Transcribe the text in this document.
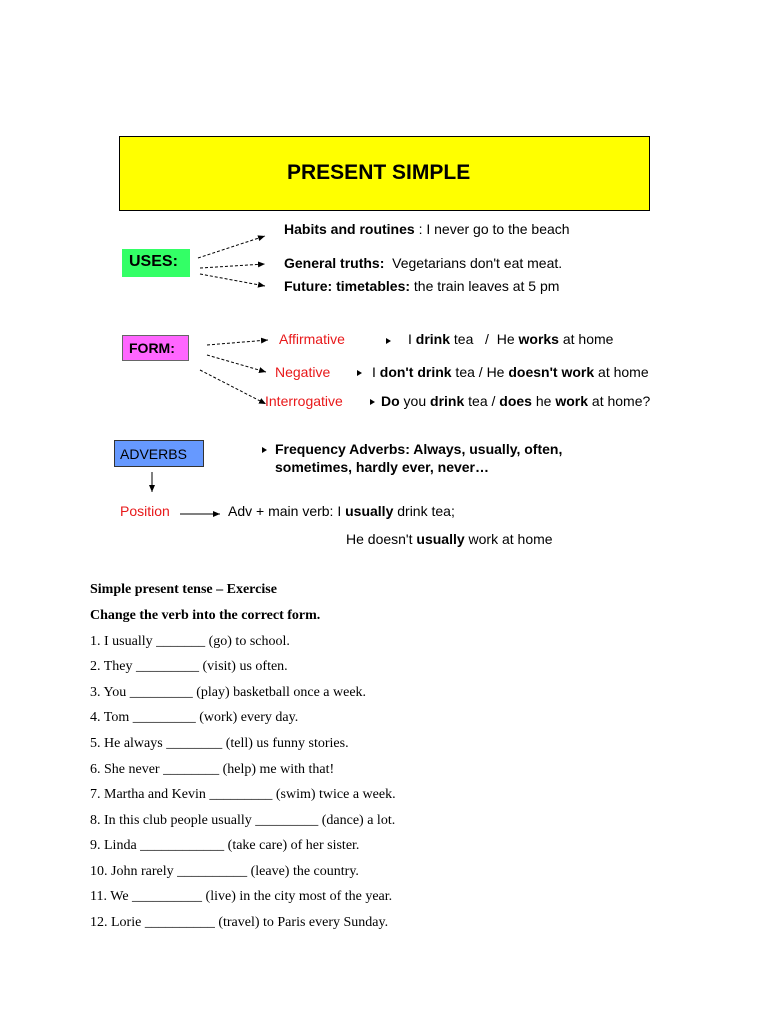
PRESENT SIMPLE
USES:
Habits and routines : I never go to the beach
General truths: Vegetarians don't eat meat.
Future: timetables: the train leaves at 5 pm
FORM:
Affirmative	I drink tea   /  He works at home
Negative	I don't drink tea / He doesn't work at home
Interrogative	Do you drink tea / does he work at home?
ADVERBS	Frequency Adverbs: Always, usually, often,
sometimes, hardly ever, never…
Position	Adv + main verb: I usually drink tea;
He doesn't usually work at home
Simple present tense – Exercise
Change the verb into the correct form.
1. I usually _______ (go) to school.
2. They _________ (visit) us often.
3. You _________ (play) basketball once a week.
4. Tom _________ (work) every day.
5. He always ________ (tell) us funny stories.
6. She never ________ (help) me with that!
7. Martha and Kevin _________ (swim) twice a week.
8. In this club people usually _________ (dance) a lot.
9. Linda ____________ (take care) of her sister.
10. John rarely __________ (leave) the country.
11. We __________ (live) in the city most of the year.
12. Lorie __________ (travel) to Paris every Sunday.
